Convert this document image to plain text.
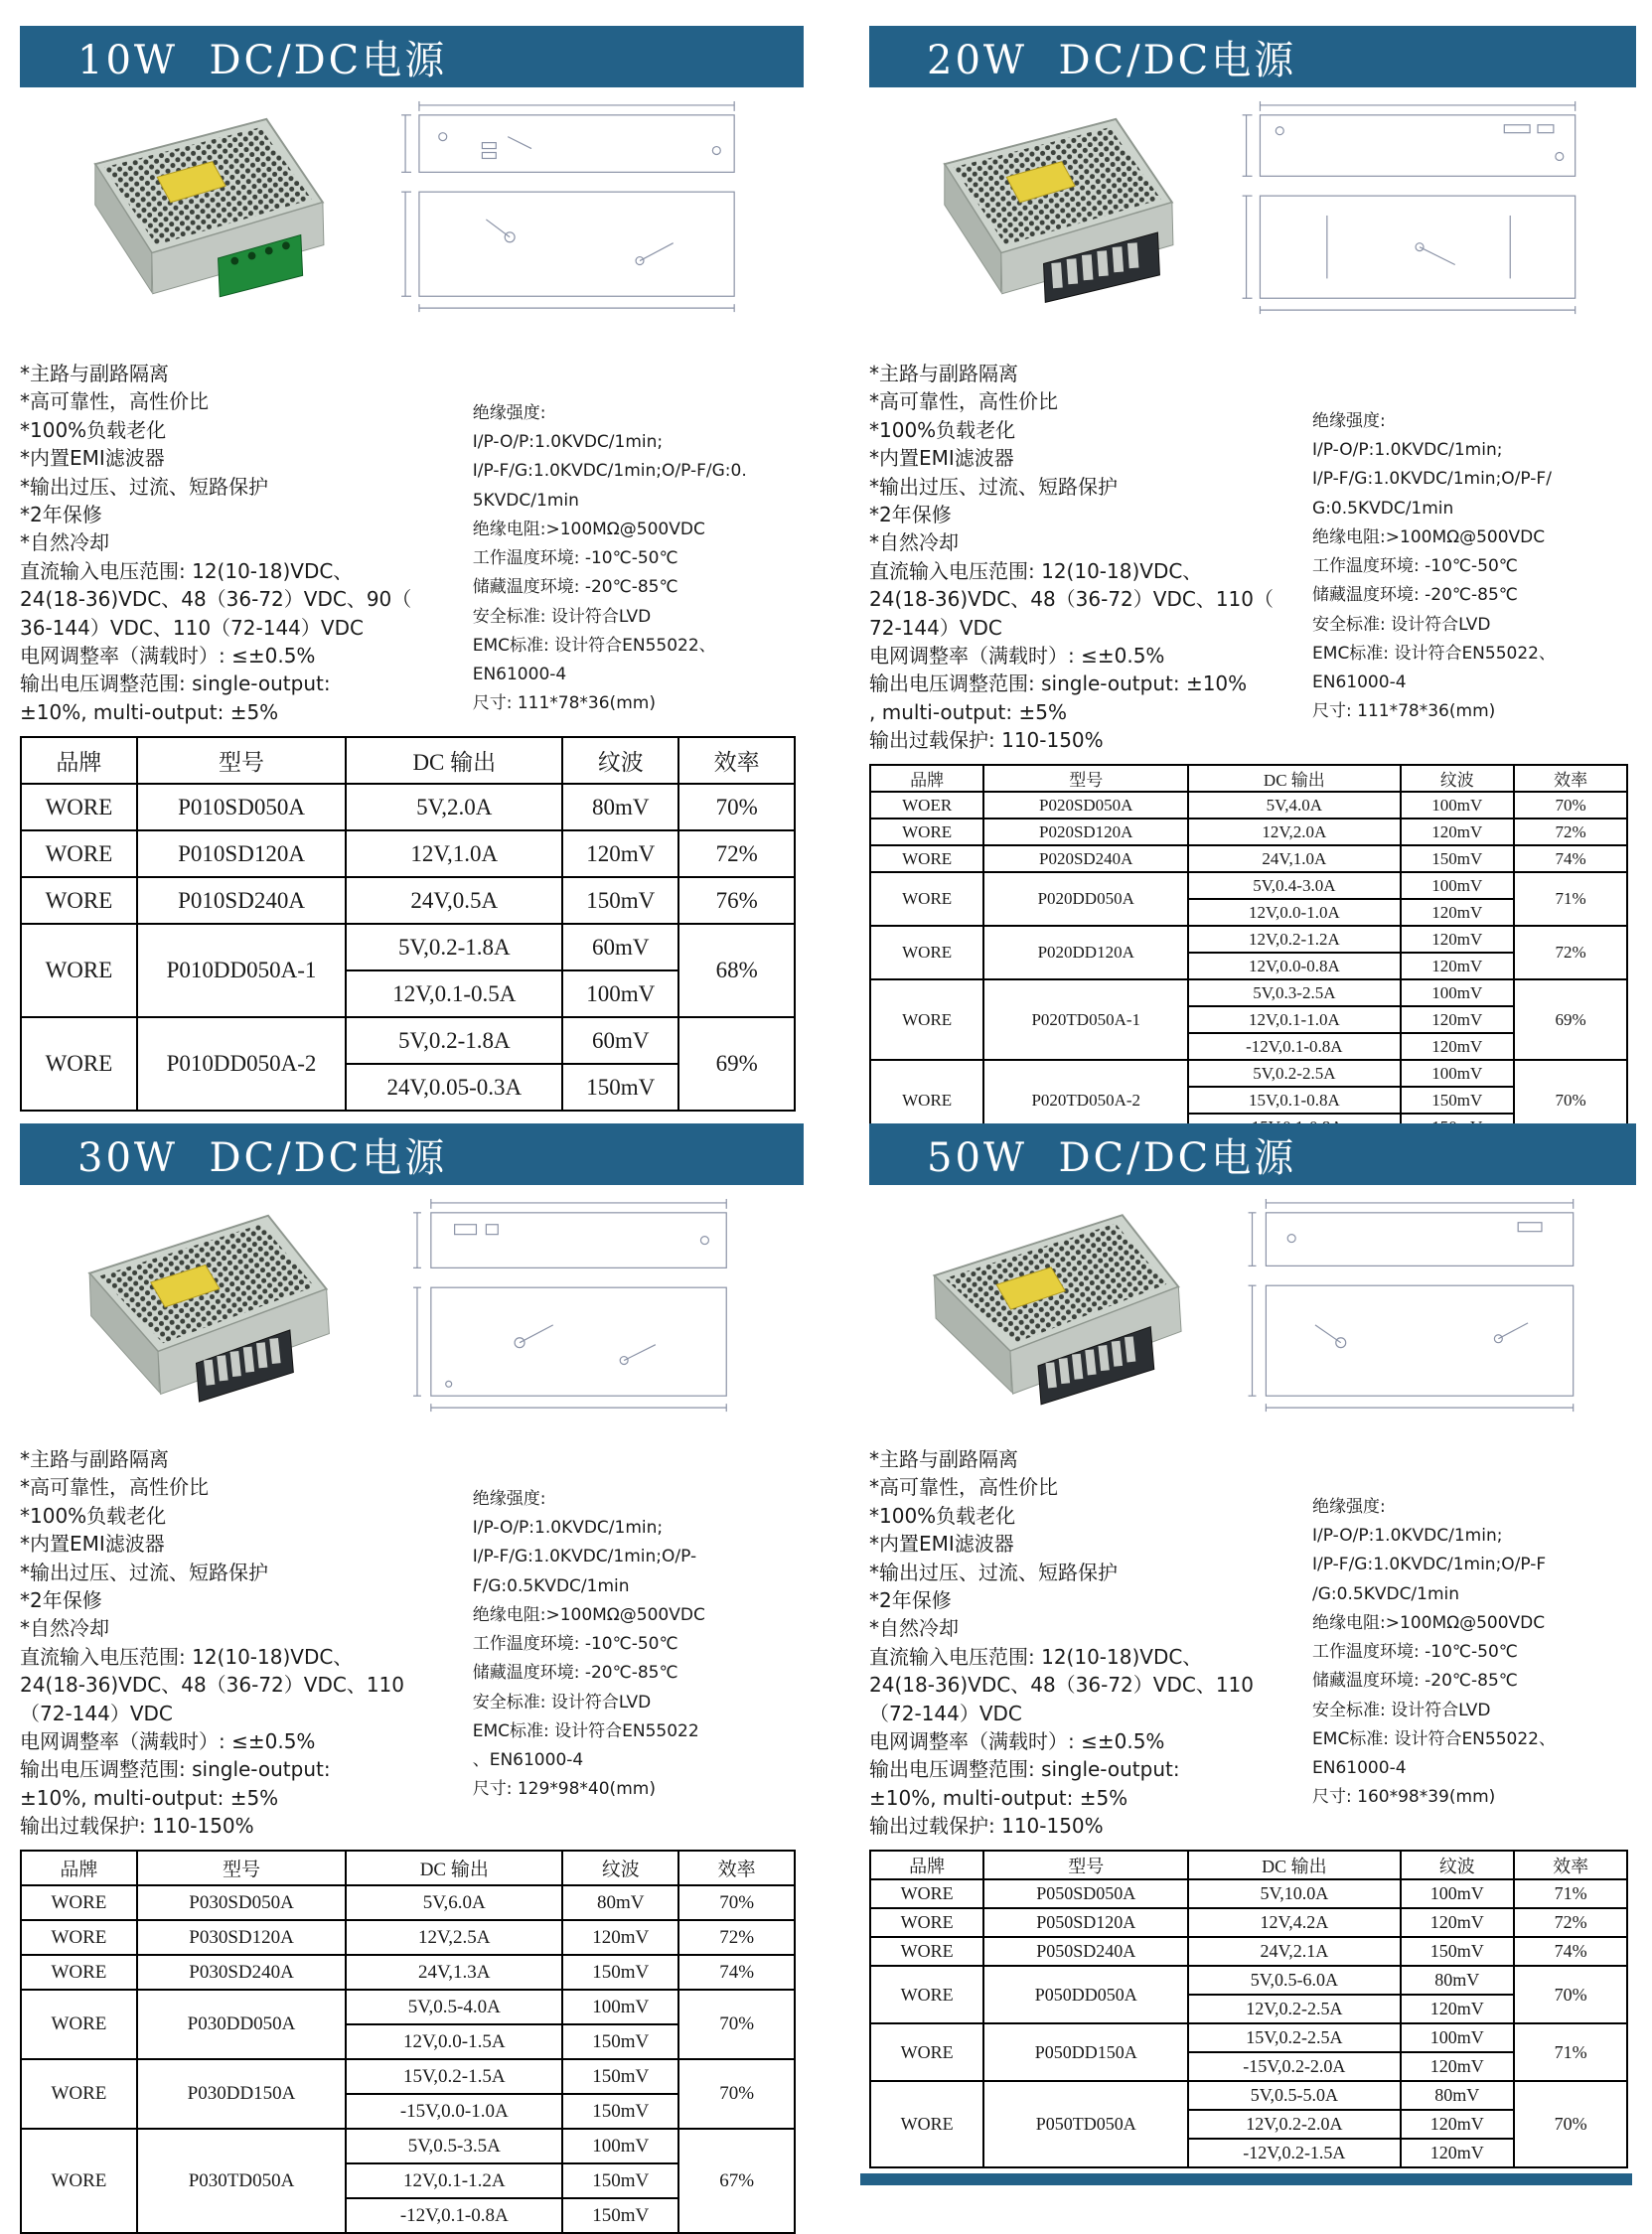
10W  DC/DC电源
*主路与副路隔离
*高可靠性，高性价比
*100%负载老化
*内置EMI滤波器
*输出过压、过流、短路保护
*2年保修
*自然冷却
直流输入电压范围: 12(10-18)VDC、
24(18-36)VDC、48（36-72）VDC、90（
36-144）VDC、110（72-144）VDC
电网调整率（满载时）: ≤±0.5%
输出电压调整范围: single-output:
±10%, multi-output: ±5%
绝缘强度:
I/P-O/P:1.0KVDC/1min;
I/P-F/G:1.0KVDC/1min;O/P-F/G:0.
5KVDC/1min
绝缘电阻:>100MΩ@500VDC
工作温度环境: -10℃-50℃
储藏温度环境: -20℃-85℃
安全标准: 设计符合LVD
EMC标准: 设计符合EN55022、
EN61000-4
尺寸: 111*78*36(mm)
品牌	型号	DC 输出	纹波	效率
WORE	P010SD050A	5V,2.0A	80mV	70%
WORE	P010SD120A	12V,1.0A	120mV	72%
WORE	P010SD240A	24V,0.5A	150mV	76%
WORE	P010DD050A-1	5V,0.2-1.8A	60mV	68%
		12V,0.1-0.5A	100mV	
WORE	P010DD050A-2	5V,0.2-1.8A	60mV	69%
		24V,0.05-0.3A	150mV	
20W  DC/DC电源
*主路与副路隔离
*高可靠性，高性价比
*100%负载老化
*内置EMI滤波器
*输出过压、过流、短路保护
*2年保修
*自然冷却
直流输入电压范围: 12(10-18)VDC、
24(18-36)VDC、48（36-72）VDC、110（
72-144）VDC
电网调整率（满载时）: ≤±0.5%
输出电压调整范围: single-output: ±10%
, multi-output: ±5%
输出过载保护: 110-150%
绝缘强度:
I/P-O/P:1.0KVDC/1min;
I/P-F/G:1.0KVDC/1min;O/P-F/
G:0.5KVDC/1min
绝缘电阻:>100MΩ@500VDC
工作温度环境: -10℃-50℃
储藏温度环境: -20℃-85℃
安全标准: 设计符合LVD
EMC标准: 设计符合EN55022、
EN61000-4
尺寸: 111*78*36(mm)
品牌	型号	DC 输出	纹波	效率
WOER	P020SD050A	5V,4.0A	100mV	70%
WORE	P020SD120A	12V,2.0A	120mV	72%
WORE	P020SD240A	24V,1.0A	150mV	74%
WORE	P020DD050A	5V,0.4-3.0A	100mV	71%
		12V,0.0-1.0A	120mV	
WORE	P020DD120A	12V,0.2-1.2A	120mV	72%
		12V,0.0-0.8A	120mV	
WORE	P020TD050A-1	5V,0.3-2.5A	100mV	69%
		12V,0.1-1.0A	120mV	
		-12V,0.1-0.8A	120mV	
WORE	P020TD050A-2	5V,0.2-2.5A	100mV	70%
		15V,0.1-0.8A	150mV	

30W  DC/DC电源
*主路与副路隔离
*高可靠性，高性价比
*100%负载老化
*内置EMI滤波器
*输出过压、过流、短路保护
*2年保修
*自然冷却
直流输入电压范围: 12(10-18)VDC、
24(18-36)VDC、48（36-72）VDC、110
（72-144）VDC
电网调整率（满载时）: ≤±0.5%
输出电压调整范围: single-output:
±10%, multi-output: ±5%
输出过载保护: 110-150%
绝缘强度:
I/P-O/P:1.0KVDC/1min;
I/P-F/G:1.0KVDC/1min;O/P-
F/G:0.5KVDC/1min
绝缘电阻:>100MΩ@500VDC
工作温度环境: -10℃-50℃
储藏温度环境: -20℃-85℃
安全标准: 设计符合LVD
EMC标准: 设计符合EN55022
、EN61000-4
尺寸: 129*98*40(mm)
品牌	型号	DC 输出	纹波	效率
WORE	P030SD050A	5V,6.0A	80mV	70%
WORE	P030SD120A	12V,2.5A	120mV	72%
WORE	P030SD240A	24V,1.3A	150mV	74%
WORE	P030DD050A	5V,0.5-4.0A	100mV	70%
		12V,0.0-1.5A	150mV	
WORE	P030DD150A	15V,0.2-1.5A	150mV	70%
		-15V,0.0-1.0A	150mV	
WORE	P030TD050A	5V,0.5-3.5A	100mV	67%
		12V,0.1-1.2A	150mV	
		-12V,0.1-0.8A	150mV	
50W  DC/DC电源
*主路与副路隔离
*高可靠性，高性价比
*100%负载老化
*内置EMI滤波器
*输出过压、过流、短路保护
*2年保修
*自然冷却
直流输入电压范围: 12(10-18)VDC、
24(18-36)VDC、48（36-72）VDC、110
（72-144）VDC
电网调整率（满载时）: ≤±0.5%
输出电压调整范围: single-output:
±10%, multi-output: ±5%
输出过载保护: 110-150%
绝缘强度:
I/P-O/P:1.0KVDC/1min;
I/P-F/G:1.0KVDC/1min;O/P-F
/G:0.5KVDC/1min
绝缘电阻:>100MΩ@500VDC
工作温度环境: -10℃-50℃
储藏温度环境: -20℃-85℃
安全标准: 设计符合LVD
EMC标准: 设计符合EN55022、
EN61000-4
尺寸: 160*98*39(mm)
品牌	型号	DC 输出	纹波	效率
WORE	P050SD050A	5V,10.0A	100mV	71%
WORE	P050SD120A	12V,4.2A	120mV	72%
WORE	P050SD240A	24V,2.1A	150mV	74%
WORE	P050DD050A	5V,0.5-6.0A	80mV	70%
		12V,0.2-2.5A	120mV	
WORE	P050DD150A	15V,0.2-2.5A	100mV	71%
		-15V,0.2-2.0A	120mV	
WORE	P050TD050A	5V,0.5-5.0A	80mV	70%
		12V,0.2-2.0A	120mV	
		-12V,0.2-1.5A	120mV	
